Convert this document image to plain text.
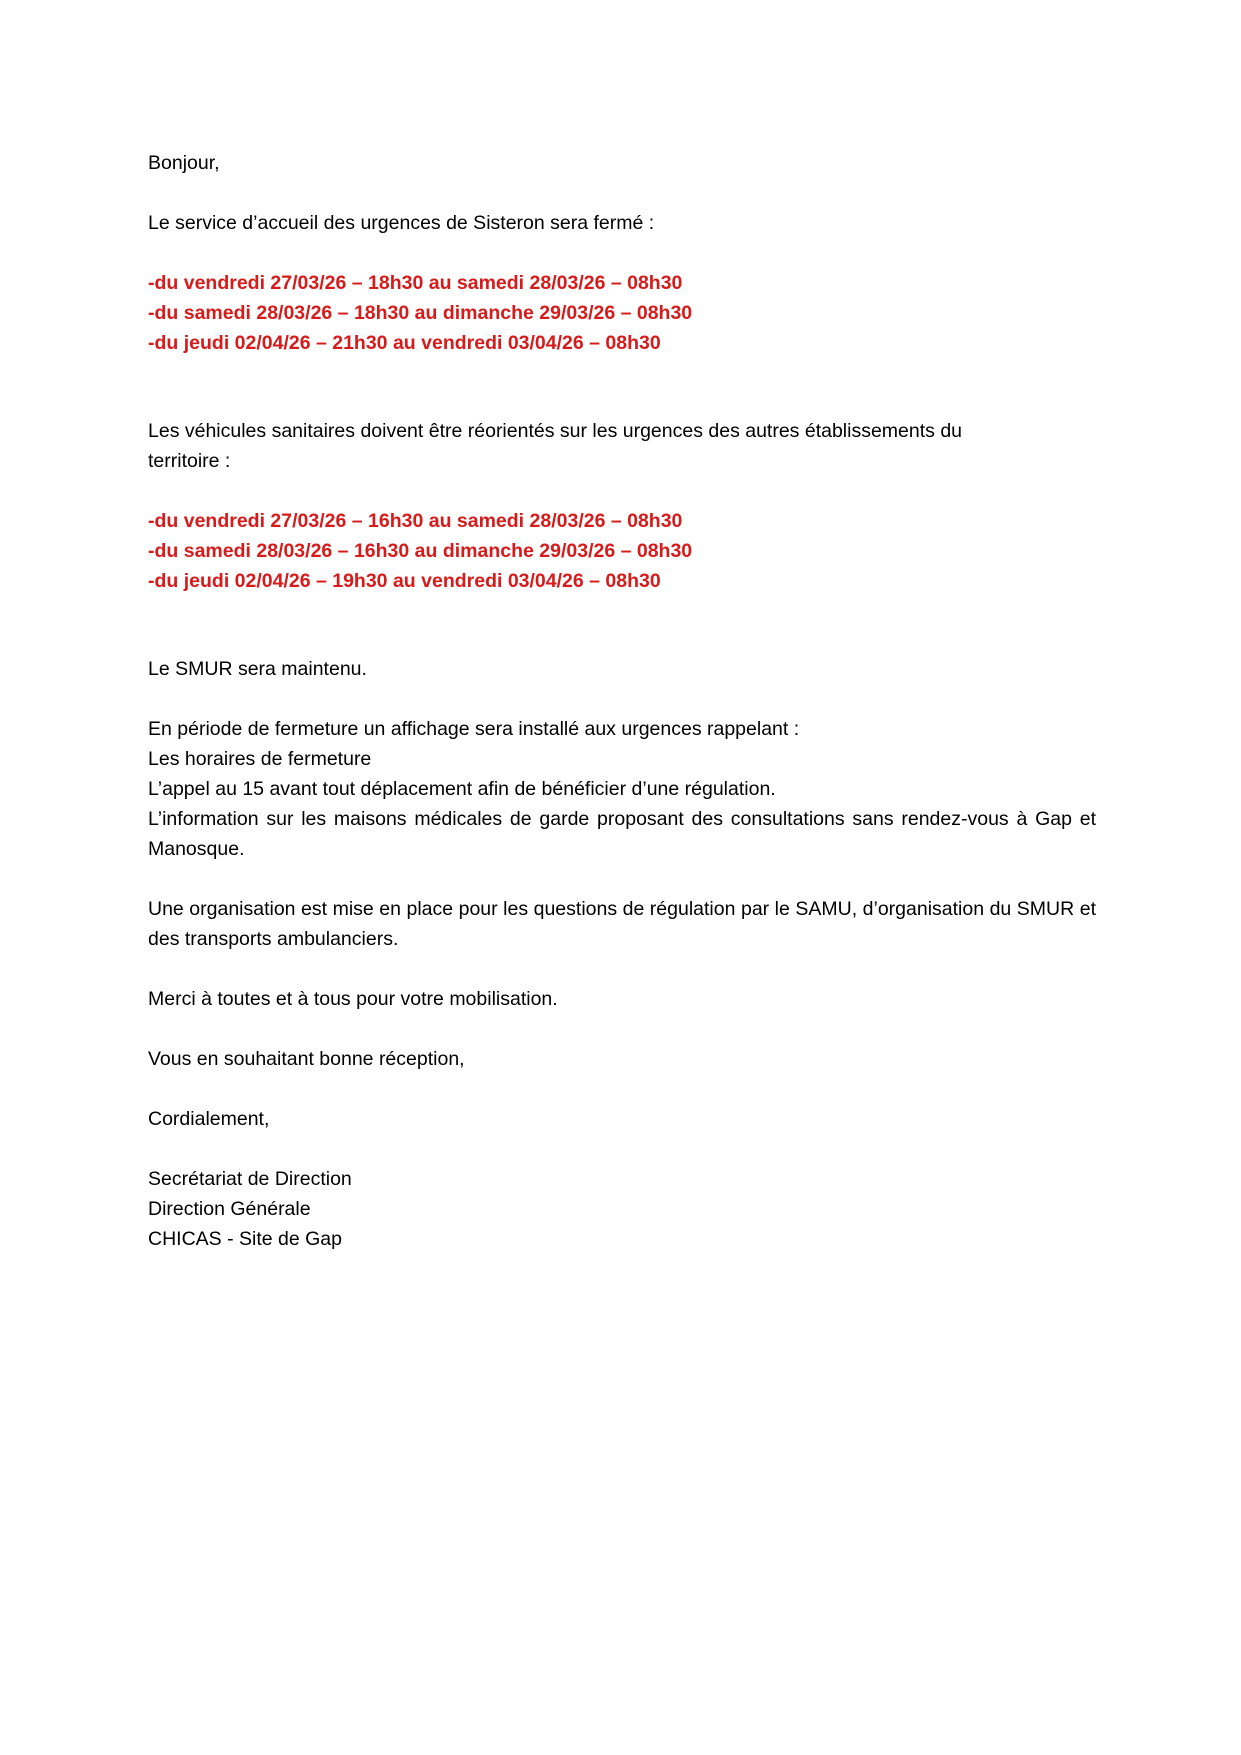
Bonjour,
Le service d’accueil des urgences de Sisteron sera fermé :
-du vendredi 27/03/26 – 18h30 au samedi 28/03/26 – 08h30
-du samedi 28/03/26 – 18h30 au dimanche 29/03/26 – 08h30
-du jeudi 02/04/26 – 21h30 au vendredi 03/04/26 – 08h30
Les véhicules sanitaires doivent être réorientés sur les urgences des autres établissements du territoire :
-du vendredi 27/03/26 – 16h30 au samedi 28/03/26 – 08h30
-du samedi 28/03/26 – 16h30 au dimanche 29/03/26 – 08h30
-du jeudi 02/04/26 – 19h30 au vendredi 03/04/26 – 08h30
Le SMUR sera maintenu.
En période de fermeture un affichage sera installé aux urgences rappelant :
Les horaires de fermeture
L’appel au 15 avant tout déplacement afin de bénéficier d’une régulation.
L’information sur les maisons médicales de garde proposant des consultations sans rendez-vous à Gap et Manosque.
Une organisation est mise en place pour les questions de régulation par le SAMU, d’organisation du SMUR et des transports ambulanciers.
Merci à toutes et à tous pour votre mobilisation.
Vous en souhaitant bonne réception,
Cordialement,
Secrétariat de Direction
Direction Générale
CHICAS - Site de Gap
